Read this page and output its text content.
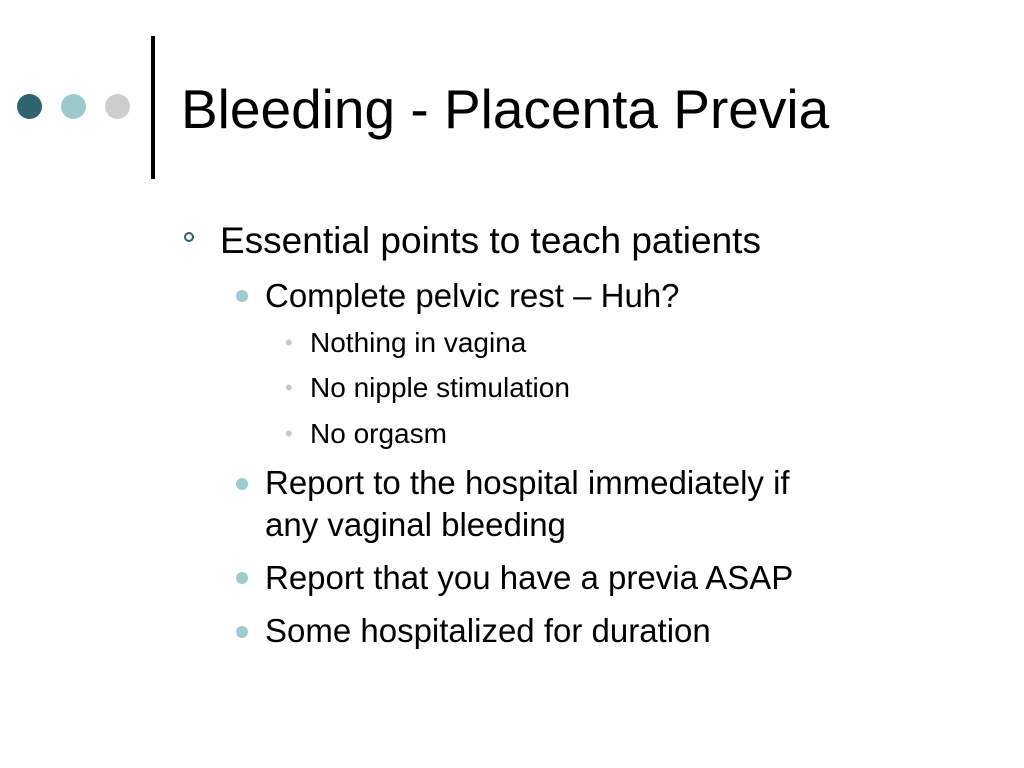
Bleeding - Placenta Previa
Essential points to teach patients
Complete pelvic rest – Huh?
• Nothing in vagina
• No nipple stimulation
• No orgasm
Report to the hospital immediately if
any vaginal bleeding
Report that you have a previa ASAP
Some hospitalized for duration
